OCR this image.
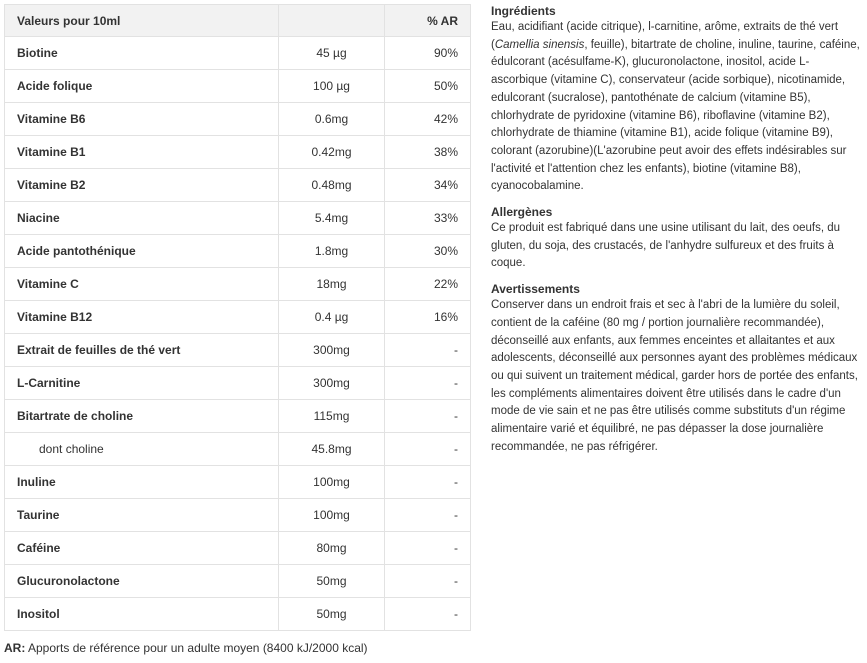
Valeurs pour 10ml		% AR
Biotine	45 µg	90%
Acide folique	100 µg	50%
Vitamine B6	0.6mg	42%
Vitamine B1	0.42mg	38%
Vitamine B2	0.48mg	34%
Niacine	5.4mg	33%
Acide pantothénique	1.8mg	30%
Vitamine C	18mg	22%
Vitamine B12	0.4 µg	16%
Extrait de feuilles de thé vert	300mg	-
L-Carnitine	300mg	-
Bitartrate de choline	115mg	-
dont choline	45.8mg	-
Inuline	100mg	-
Taurine	100mg	-
Caféine	80mg	-
Glucuronolactone	50mg	-
Inositol	50mg	-
AR: Apports de référence pour un adulte moyen (8400 kJ/2000 kcal)
Ingrédients

Eau, acidifiant (acide citrique), l-carnitine, arôme, extraits de thé vert (Camellia sinensis, feuille), bitartrate de choline, inuline, taurine, caféine, édulcorant (acésulfame-K), glucuronolactone, inositol, acide L-ascorbique (vitamine C), conservateur (acide sorbique), nicotinamide, edulcorant (sucralose), pantothénate de calcium (vitamine B5), chlorhydrate de pyridoxine (vitamine B6), riboflavine (vitamine B2), chlorhydrate de thiamine (vitamine B1), acide folique (vitamine B9), colorant (azorubine)(L'azorubine peut avoir des effets indésirables sur l'activité et l'attention chez les enfants), biotine (vitamine B8), cyanocobalamine.

Allergènes

Ce produit est fabriqué dans une usine utilisant du lait, des oeufs, du gluten, du soja, des crustacés, de l'anhydre sulfureux et des fruits à coque.

Avertissements

Conserver dans un endroit frais et sec à l'abri de la lumière du soleil, contient de la caféine (80 mg / portion journalière recommandée), déconseillé aux enfants, aux femmes enceintes et allaitantes et aux adolescents, déconseillé aux personnes ayant des problèmes médicaux ou qui suivent un traitement médical, garder hors de portée des enfants, les compléments alimentaires doivent être utilisés dans le cadre d'un mode de vie sain et ne pas être utilisés comme substituts d'un régime alimentaire varié et équilibré, ne pas dépasser la dose journalière recommandée, ne pas réfrigérer.
